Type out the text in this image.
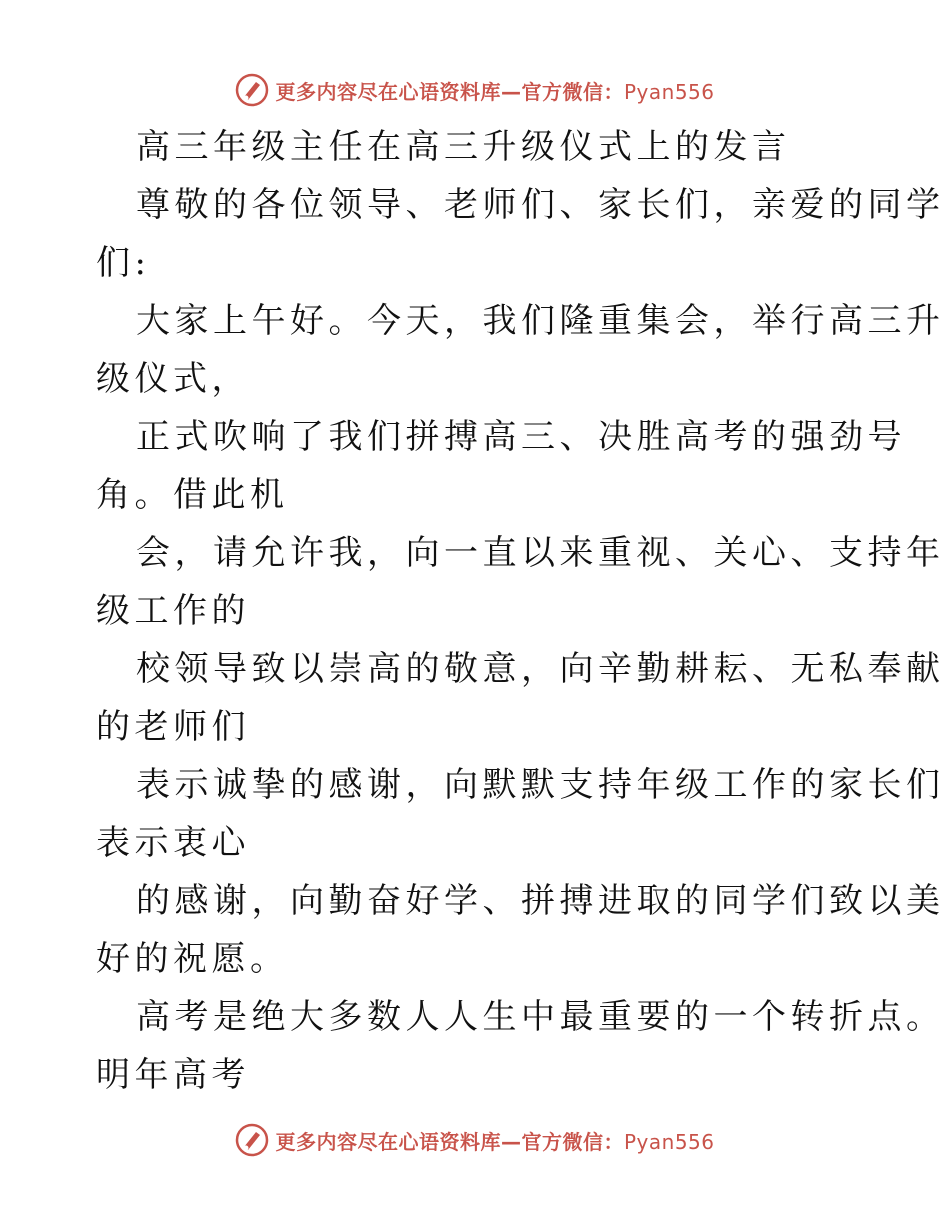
更多内容尽在心语资料库—官方微信：Pyan556
高三年级主任在高三升级仪式上的发言
尊敬的各位领导、老师们、家长们，亲爱的同学
们:
大家上午好。今天，我们隆重集会，举行高三升
级仪式，
正式吹响了我们拼搏高三、决胜高考的强劲号
角。借此机
会，请允许我，向一直以来重视、关心、支持年
级工作的
校领导致以崇高的敬意，向辛勤耕耘、无私奉献
的老师们
表示诚挚的感谢，向默默支持年级工作的家长们
表示衷心
的感谢，向勤奋好学、拼搏进取的同学们致以美
好的祝愿。
高考是绝大多数人人生中最重要的一个转折点。
明年高考
更多内容尽在心语资料库—官方微信：Pyan556
